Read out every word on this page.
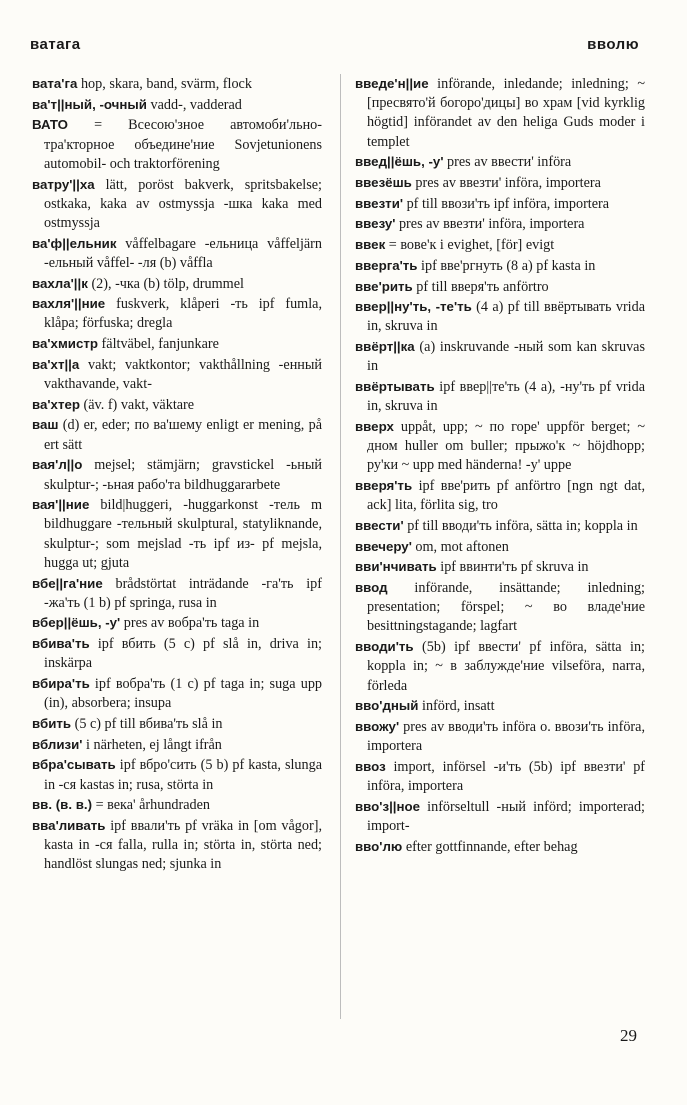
ватага	вволю

вата'га hop, skara, band, svärm, flock

ва'т||ный, -очный vadd-, vadderad

ВАТО = Всесою'зное автомоби'льно-тра'кторное объедине'ние Sovjetunionens automobil- och traktorförening

ватру'||ха lätt, poröst bakverk, spritsbakelse; ostkaka, kaka av ostmyssja -шка kaka med ostmyssja

ва'ф||ельник våffelbagare -ельница våffeljärn -ельный våffel- -ля (b) våffla

вахла'||к (2), -чка (b) tölp, drummel

вахля'||ние fuskverk, klåperi -ть ipf fumla, klåpa; förfuska; dregla

ва'хмистр fältväbel, fanjunkare

ва'хт||а vakt; vaktkontor; vakthållning -енный vakthavande, vakt-

ва'хтер (äv. f) vakt, väktare

ваш (d) er, eder; по ва'шему enligt er mening, på ert sätt

вая'л||о mejsel; stämjärn; gravstickel -ьный skulptur-; -ьная рабо'та bildhuggararbete

вая'||ние bild|huggeri, -huggarkonst -тель m bildhuggare -тельный skulptural, statyliknande, skulptur-; som mejslad -ть ipf из- pf mejsla, hugga ut; gjuta

вбе||га'ние brådstörtat inträdande -га'ть ipf -жа'ть (1 b) pf springa, rusa in

вбер||ёшь, -у' pres av вобра'ть taga in

вбива'ть ipf вбить (5 c) pf slå in, driva in; inskärpa

вбира'ть ipf вобра'ть (1 c) pf taga in; suga upp (in), absorbera; insupa

вбить (5 c) pf till вбива'ть slå in

вблизи' i närheten, ej långt ifrån

вбра'сывать ipf вбро'сить (5 b) pf kasta, slunga in -ся kastas in; rusa, störta in

вв. (в. в.) = века' århundraden

вва'ливать ipf ввали'ть pf vräka in [om vågor], kasta in -ся falla, rulla in; störta in, störta ned; handlöst slungas ned; sjunka in

введе'н||ие införande, inledande; inledning; ~ [пресвято'й богоро'дицы] во храм [vid kyrklig högtid] införandet av den heliga Guds moder i templet

введ||ёшь, -у' pres av ввести' införa

ввезёшь pres av ввезти' införa, importera

ввезти' pf till ввози'ть ipf införa, importera

ввезу' pres av ввезти' införa, importera

ввек = вове'к i evighet, [för] evigt

вверга'ть ipf вве'ргнуть (8 a) pf kasta in

вве'рить pf till вверя'ть anförtro

ввер||ну'ть, -те'ть (4 a) pf till ввёртывать vrida in, skruva in

ввёрт||ка (a) inskruvande -ный som kan skruvas in

ввёртывать ipf ввер||те'ть (4 a), -ну'ть pf vrida in, skruva in

вверх uppåt, upp; ~ по горе' uppför berget; ~ дном huller om buller; прыжо'к ~ höjdhopp; ру'ки ~ upp med händerna! -у' uppe

вверя'ть ipf вве'рить pf anförtro [ngn ngt dat, ack] lita, förlita sig, tro

ввести' pf till вводи'ть införa, sätta in; koppla in

ввечеру' om, mot aftonen

вви'нчивать ipf ввинти'ть pf skruva in

ввод införande, insättande; inledning; presentation; förspel; ~ во владе'ние besittningstagande; lagfart

вводи'ть (5b) ipf ввести' pf införa, sätta in; koppla in; ~ в заблужде'ние vilseföra, narra, förleda

вво'дный införd, insatt

ввожу' pres av вводи'ть införa o. ввози'ть införa, importera

ввоз import, införsel -и'ть (5b) ipf ввезти' pf införa, importera

вво'з||ное införseltull -ный införd; importerad; import-

вво'лю efter gottfinnande, efter behag

29
